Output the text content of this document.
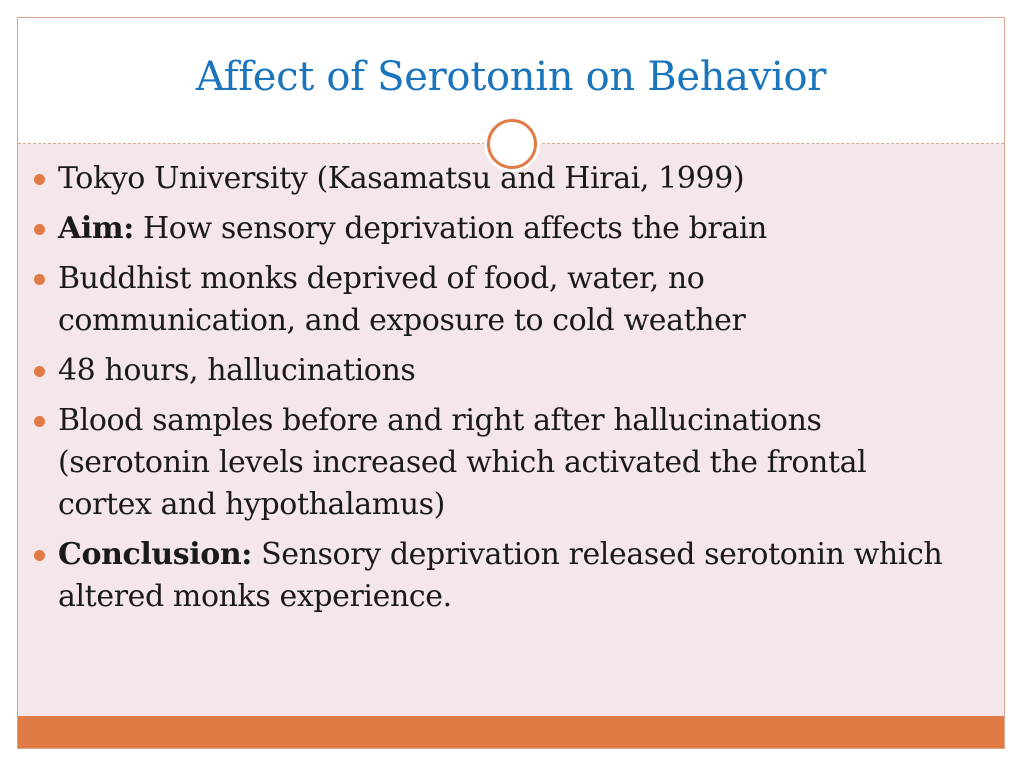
Affect of Serotonin on Behavior
Tokyo University (Kasamatsu and Hirai, 1999)
Aim: How sensory deprivation affects the brain
Buddhist monks deprived of food, water, no communication, and exposure to cold weather
48 hours, hallucinations
Blood samples before and right after hallucinations (serotonin levels increased which activated the frontal cortex and hypothalamus)
Conclusion: Sensory deprivation released serotonin which altered monks experience.
